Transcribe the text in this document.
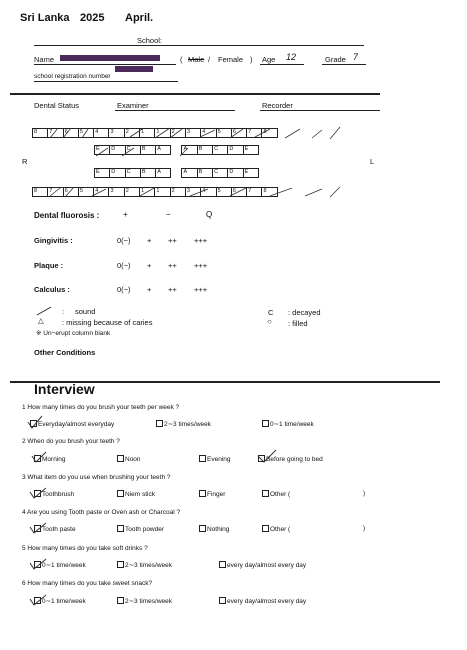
Sri Lanka 2025 April.
School:
Name	( Male / Female ) Age 12	Grade 7
school registration number
Dental Status	Examiner	Recorder
R	L
8	7	6	5	4	3	2	1	1	2	3	4	5	6	7	8
E	D	C	B	A		A	B	C	D	E
E	D	C	B	A		A	B	C	D	E
8	7	6	5	4	3	2	1	1	2	3	4	5	6	7	8
Dental fluorosis :	+	−	Q
Gingivitis :	0(−) + ++ +++
Plaque :	0(−) + ++ +++
Calculus :	0(−) + ++ +++
: sound
△ : missing because of caries
※ Un−erupt column blank
C : decayed
○ : filled
Other Conditions
Interview
1 How many times do you brush your teeth per week ?
Everyday/almost everyday	2∼3 times/week	0∼1 time/week
2 When do you brush your teeth ?
Morning	Noon	Evening	Before going to bed
3 What item do you use when brushing your teeth ?
Toothbrush	Niem stick	Finger	Other (	)
4 Are you using Tooth paste or Oven ash or Charcoal ?
Tooth paste	Tooth powder	Nothing	Other (	)
5 How many times do you take soft drinks ?
0∼1 time/week	2∼3 times/week	every day/almost every day
6 How many times do you take sweet snack?
0∼1 time/week	2∼3 times/week	every day/almost every day
